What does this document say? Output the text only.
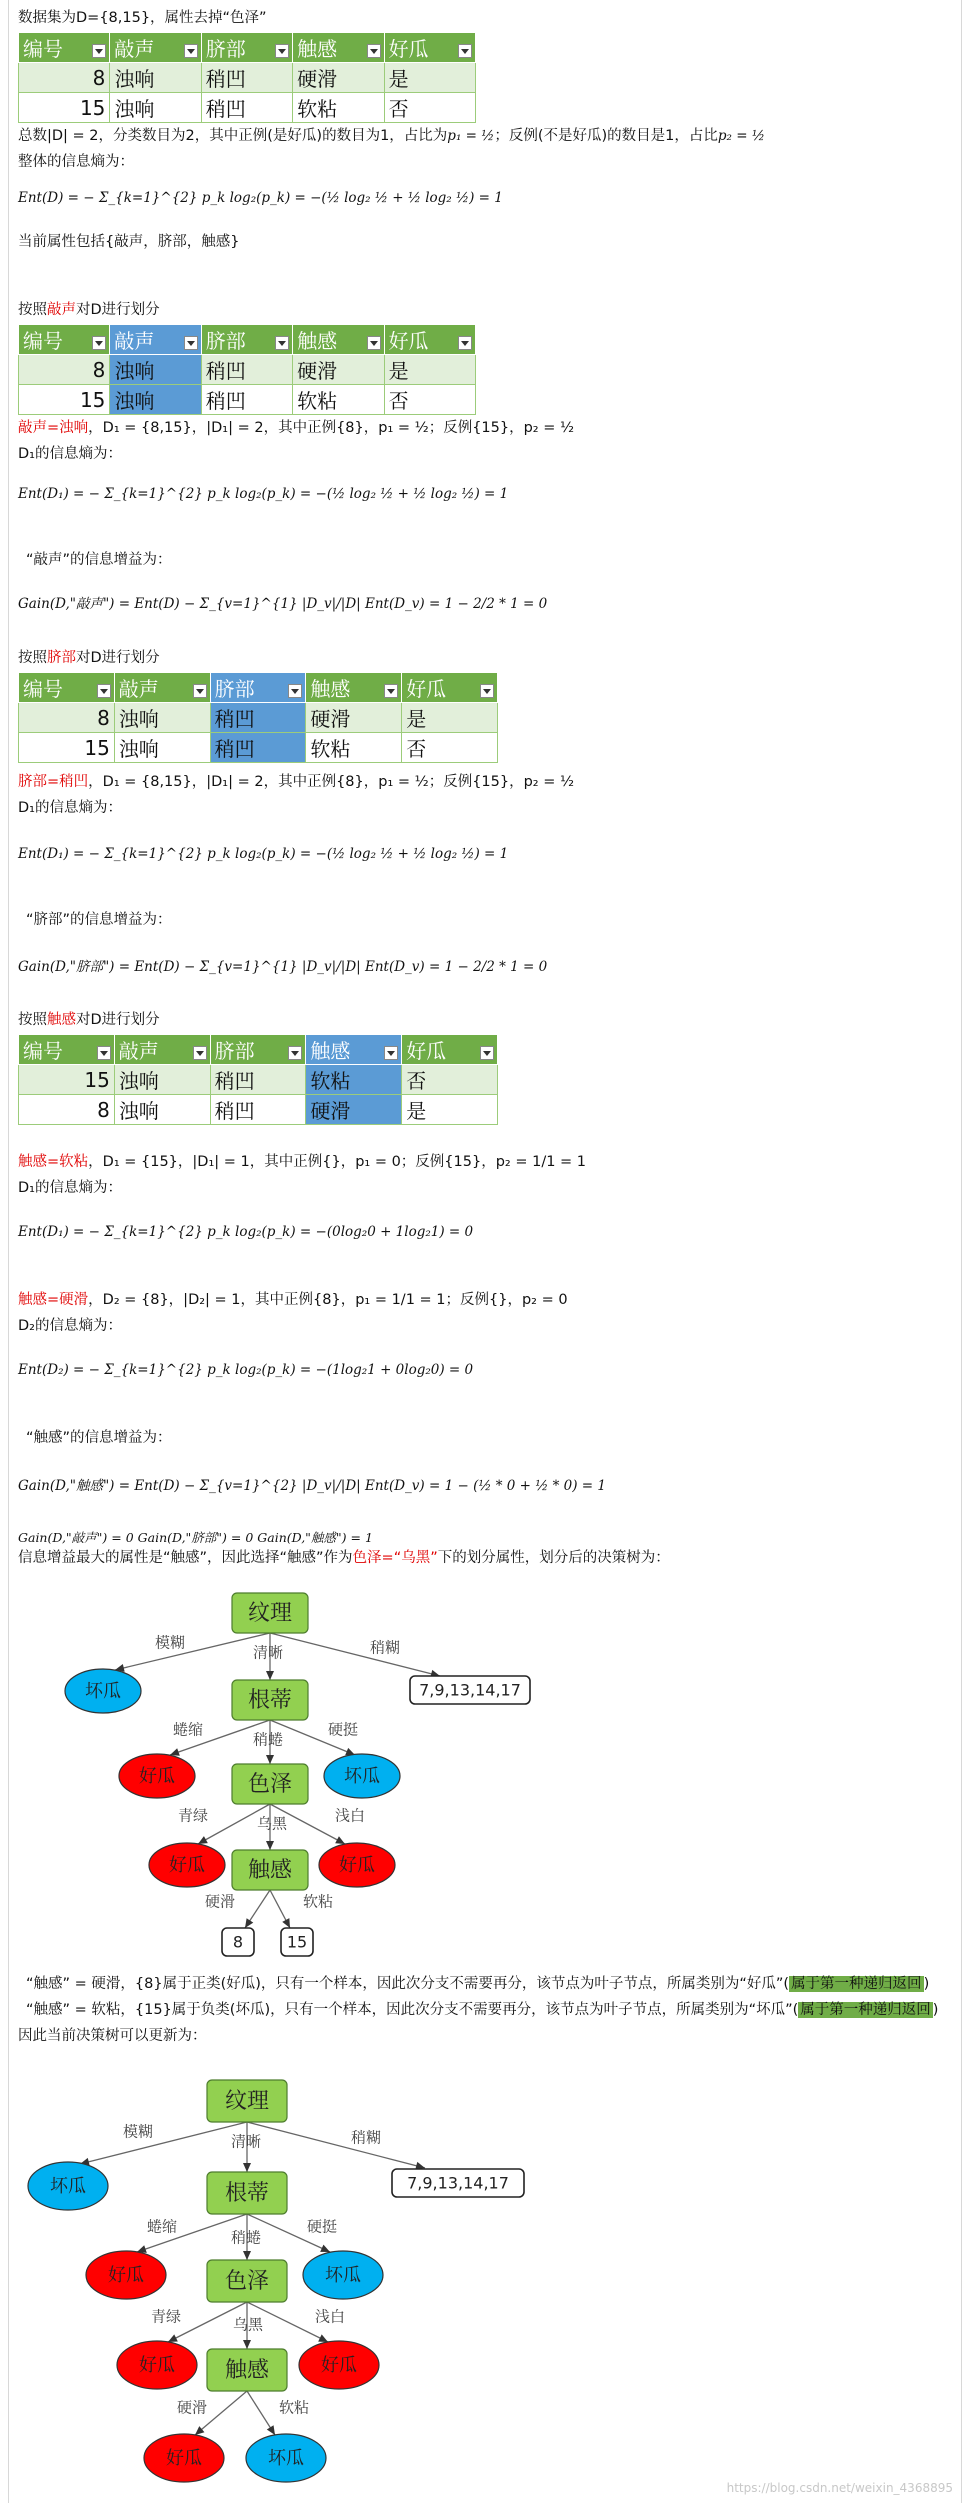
数据集为D={8,15}，属性去掉“色泽”
编号	敲声	脐部	触感	好瓜

8	浊响	稍凹	硬滑	是
15	浊响	稍凹	软粘	否
总数|D| = 2，分类数目为2，其中正例(是好瓜)的数目为1，占比为p₁ = ½；反例(不是好瓜)的数目是1，占比p₂ = ½
整体的信息熵为：
Ent(D) = − Σ_{k=1}^{2} p_k log₂(p_k) = −(½ log₂ ½ + ½ log₂ ½) = 1
当前属性包括{敲声，脐部，触感}
按照敲声对D进行划分
编号	敲声	脐部	触感	好瓜

8	浊响	稍凹	硬滑	是
15	浊响	稍凹	软粘	否
敲声=浊响，D₁ = {8,15}，|D₁| = 2，其中正例{8}，p₁ = ½；反例{15}，p₂ = ½
D₁的信息熵为：
Ent(D₁) = − Σ_{k=1}^{2} p_k log₂(p_k) = −(½ log₂ ½ + ½ log₂ ½) = 1
“敲声”的信息增益为：
Gain(D,"敲声") = Ent(D) − Σ_{v=1}^{1} |D_v|/|D| Ent(D_v) = 1 − 2/2 * 1 = 0
按照脐部对D进行划分
编号	敲声	脐部	触感	好瓜

8	浊响	稍凹	硬滑	是
15	浊响	稍凹	软粘	否
脐部=稍凹，D₁ = {8,15}，|D₁| = 2，其中正例{8}，p₁ = ½；反例{15}，p₂ = ½
D₁的信息熵为：
Ent(D₁) = − Σ_{k=1}^{2} p_k log₂(p_k) = −(½ log₂ ½ + ½ log₂ ½) = 1
“脐部”的信息增益为：
Gain(D,"脐部") = Ent(D) − Σ_{v=1}^{1} |D_v|/|D| Ent(D_v) = 1 − 2/2 * 1 = 0
按照触感对D进行划分
编号	敲声	脐部	触感	好瓜

15	浊响	稍凹	软粘	否
8	浊响	稍凹	硬滑	是
触感=软粘，D₁ = {15}，|D₁| = 1，其中正例{}，p₁ = 0；反例{15}，p₂ = 1/1 = 1
D₁的信息熵为：
Ent(D₁) = − Σ_{k=1}^{2} p_k log₂(p_k) = −(0log₂0 + 1log₂1) = 0
触感=硬滑，D₂ = {8}，|D₂| = 1，其中正例{8}，p₁ = 1/1 = 1；反例{}，p₂ = 0
D₂的信息熵为：
Ent(D₂) = − Σ_{k=1}^{2} p_k log₂(p_k) = −(1log₂1 + 0log₂0) = 0
“触感”的信息增益为：
Gain(D,"触感") = Ent(D) − Σ_{v=1}^{2} |D_v|/|D| Ent(D_v) = 1 − (½ * 0 + ½ * 0) = 1
Gain(D,"敲声") = 0 Gain(D,"脐部") = 0 Gain(D,"触感") = 1
信息增益最大的属性是“触感”，因此选择“触感”作为色泽=“乌黑”下的划分属性，划分后的决策树为：
模糊
清晰	稍糊
蜷缩
稍蜷
硬挺
青绿	乌黑	浅白
硬滑	软粘
纹理
坏瓜	7,9,13,14,17
根蒂
好瓜	坏瓜
色泽
好瓜	好瓜
触感
8	15
“触感” = 硬滑，{8}属于正类(好瓜)，只有一个样本，因此次分支不需要再分，该节点为叶子节点，所属类别为“好瓜”( 属于第一种递归返回 )
“触感” = 软粘，{15}属于负类(坏瓜)，只有一个样本，因此次分支不需要再分，该节点为叶子节点，所属类别为“坏瓜”( 属于第一种递归返回 )
因此当前决策树可以更新为：
模糊
清晰	稍糊
蜷缩
稍蜷
硬挺
青绿	乌黑	浅白
硬滑	软粘
纹理
坏瓜	7,9,13,14,17
根蒂
好瓜	坏瓜
色泽
好瓜	好瓜
触感
好瓜	坏瓜
https://blog.csdn.net/weixin_4368895
